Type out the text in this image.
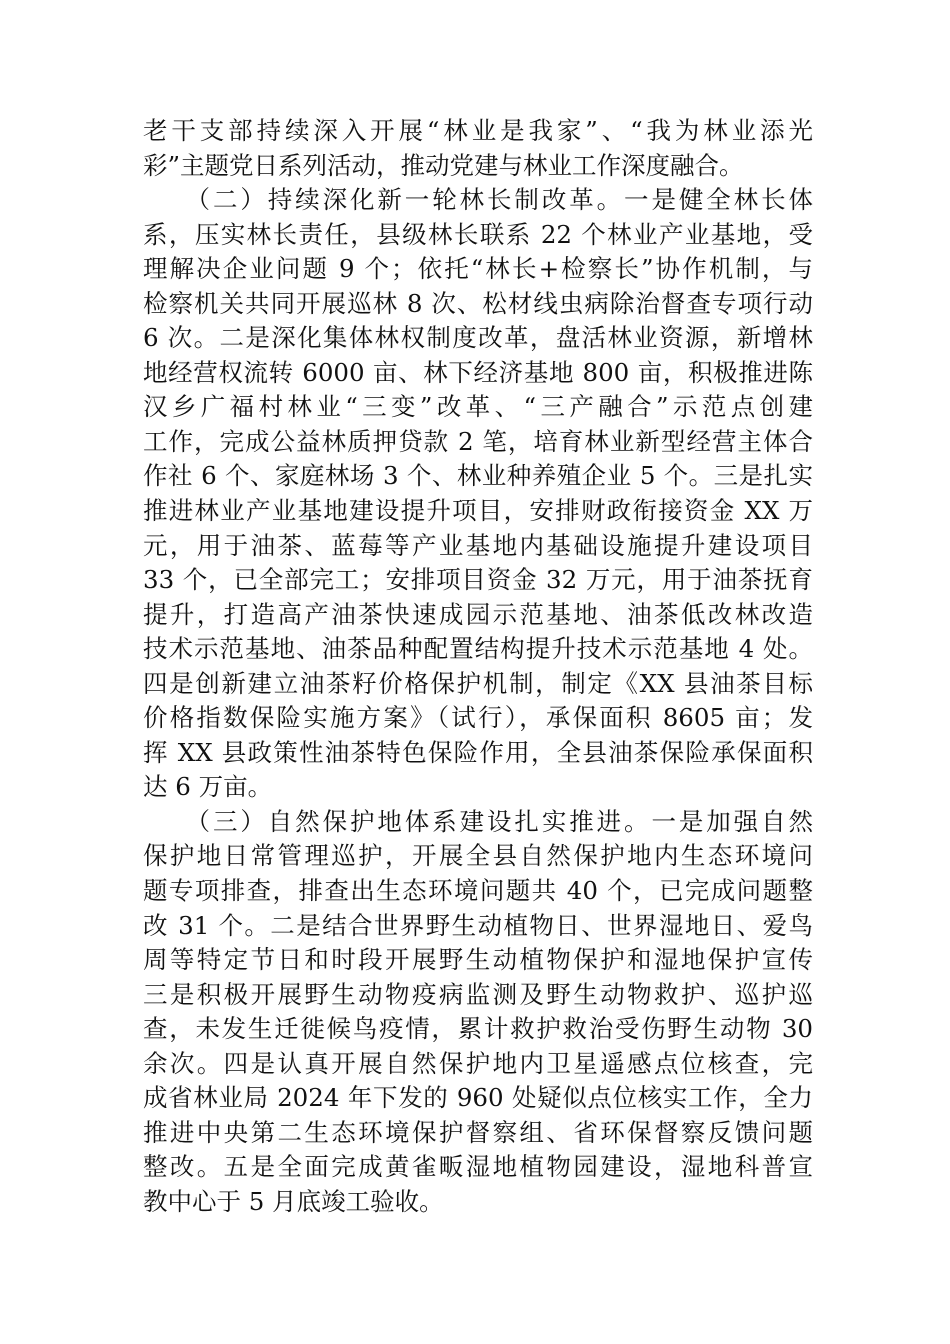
老干支部持续深入开展“林业是我家”、“我为林业添光
彩”主题党日系列活动，推动党建与林业工作深度融合。
　　（二）持续深化新一轮林长制改革。一是健全林长体
系，压实林长责任，县级林长联系 22 个林业产业基地，受
理解决企业问题 9 个；依托“林长+检察长”协作机制，与
检察机关共同开展巡林 8 次、松材线虫病除治督查专项行动
6 次。二是深化集体林权制度改革，盘活林业资源，新增林
地经营权流转 6000 亩、林下经济基地 800 亩，积极推进陈
汉乡广福村林业“三变”改革、“三产融合”示范点创建
工作，完成公益林质押贷款 2 笔，培育林业新型经营主体合
作社 6 个、家庭林场 3 个、林业种养殖企业 5 个。三是扎实
推进林业产业基地建设提升项目，安排财政衔接资金 XX 万
元，用于油茶、蓝莓等产业基地内基础设施提升建设项目
33 个，已全部完工；安排项目资金 32 万元，用于油茶抚育
提升，打造高产油茶快速成园示范基地、油茶低改林改造
技术示范基地、油茶品种配置结构提升技术示范基地 4 处。
四是创新建立油茶籽价格保护机制，制定《XX 县油茶目标
价格指数保险实施方案》（试行），承保面积 8605 亩；发
挥 XX 县政策性油茶特色保险作用，全县油茶保险承保面积
达 6 万亩。
　　（三）自然保护地体系建设扎实推进。一是加强自然
保护地日常管理巡护，开展全县自然保护地内生态环境问
题专项排查，排查出生态环境问题共 40 个，已完成问题整
改 31 个。二是结合世界野生动植物日、世界湿地日、爱鸟
周等特定节日和时段开展野生动植物保护和湿地保护宣传
三是积极开展野生动物疫病监测及野生动物救护、巡护巡
查，未发生迁徙候鸟疫情，累计救护救治受伤野生动物 30
余次。四是认真开展自然保护地内卫星遥感点位核查，完
成省林业局 2024 年下发的 960 处疑似点位核实工作，全力
推进中央第二生态环境保护督察组、省环保督察反馈问题
整改。五是全面完成黄雀畈湿地植物园建设，湿地科普宣
教中心于 5 月底竣工验收。
